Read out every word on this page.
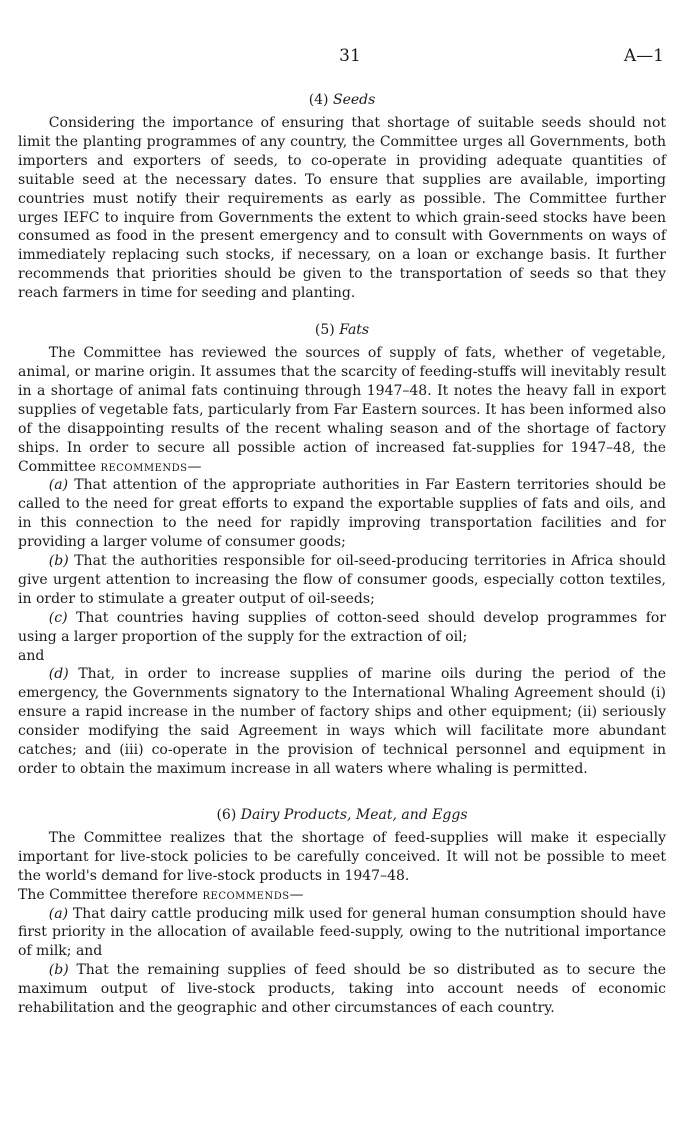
31	A—1
(4) Seeds

Considering the importance of ensuring that shortage of suitable seeds should not limit the planting programmes of any country, the Committee urges all Governments, both importers and exporters of seeds, to co-operate in providing adequate quantities of suitable seed at the necessary dates. To ensure that supplies are available, importing countries must notify their requirements as early as possible. The Committee further urges IEFC to inquire from Governments the extent to which grain-seed stocks have been consumed as food in the present emergency and to consult with Governments on ways of immediately replacing such stocks, if necessary, on a loan or exchange basis. It further recommends that priorities should be given to the transportation of seeds so that they reach farmers in time for seeding and planting.

(5) Fats

The Committee has reviewed the sources of supply of fats, whether of vegetable, animal, or marine origin. It assumes that the scarcity of feeding-stuffs will inevitably result in a shortage of animal fats continuing through 1947–48. It notes the heavy fall in export supplies of vegetable fats, particularly from Far Eastern sources. It has been informed also of the disappointing results of the recent whaling season and of the shortage of factory ships. In order to secure all possible action of increased fat-supplies for 1947–48, the Committee recommends—

(a) That attention of the appropriate authorities in Far Eastern territories should be called to the need for great efforts to expand the exportable supplies of fats and oils, and in this connection to the need for rapidly improving transportation facilities and for providing a larger volume of consumer goods;

(b) That the authorities responsible for oil-seed-producing territories in Africa should give urgent attention to increasing the flow of consumer goods, especially cotton textiles, in order to stimulate a greater output of oil-seeds;

(c) That countries having supplies of cotton-seed should develop programmes for using a larger proportion of the supply for the extraction of oil;

and

(d) That, in order to increase supplies of marine oils during the period of the emergency, the Governments signatory to the International Whaling Agreement should (i) ensure a rapid increase in the number of factory ships and other equipment; (ii) seriously consider modifying the said Agreement in ways which will facilitate more abundant catches; and (iii) co-operate in the provision of technical personnel and equipment in order to obtain the maximum increase in all waters where whaling is permitted.

(6) Dairy Products, Meat, and Eggs

The Committee realizes that the shortage of feed-supplies will make it especially important for live-stock policies to be carefully conceived. It will not be possible to meet the world's demand for live-stock products in 1947–48.

The Committee therefore recommends—

(a) That dairy cattle producing milk used for general human consumption should have first priority in the allocation of available feed-supply, owing to the nutritional importance of milk; and

(b) That the remaining supplies of feed should be so distributed as to secure the maximum output of live-stock products, taking into account needs of economic rehabilitation and the geographic and other circumstances of each country.
